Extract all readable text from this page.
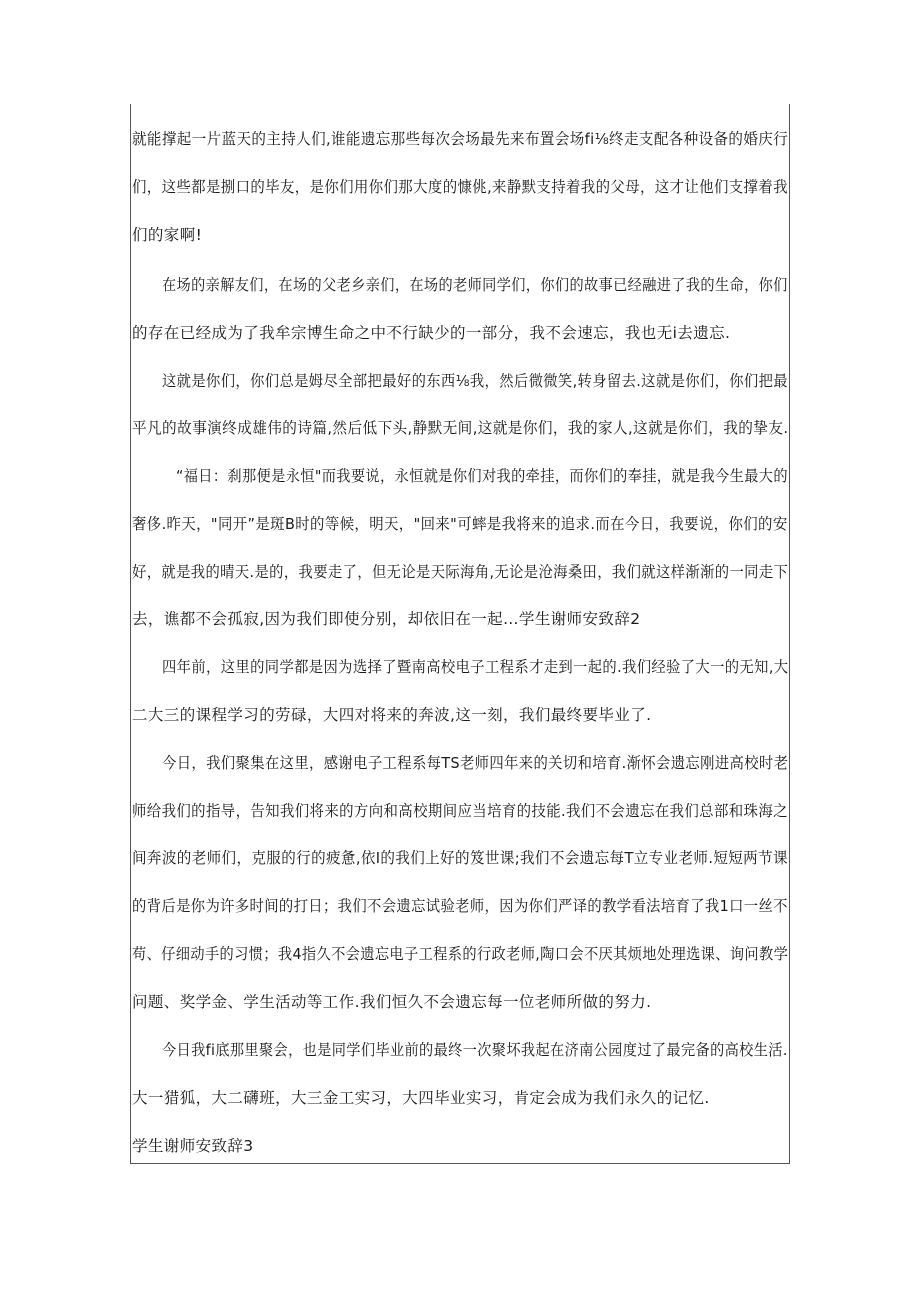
就能撑起一片蓝天的主持人们,谁能遗忘那些每次会场最先来布置会场fi⅛终走支配各种设备的婚庆行
们，这些都是捌口的毕友，是你们用你们那大度的慷佻,来静默支持着我的父母，这才让他们支撑着我
们的家啊!
在场的亲解友们，在场的父老乡亲们，在场的老师同学们，你们的故事已经融进了我的生命，你们
的存在已经成为了我牟宗博生命之中不行缺少的一部分，我不会速忘，我也无i去遗忘.
这就是你们，你们总是姆尽全部把最好的东西⅛我，然后微微笑,转身留去.这就是你们，你们把最
平凡的故事演终成雄伟的诗篇,然后低下头,静默无间,这就是你们，我的家人,这就是你们，我的挚友.
“福日：刹那便是永恒"而我要说，永恒就是你们对我的牵挂，而你们的奉挂，就是我今生最大的
奢侈.昨天，"同开”是斑B时的等候，明天，"回来"可蟀是我将来的追求.而在今日，我要说，你们的安
好，就是我的晴天.是的，我要走了，但无论是天际海角,无论是沧海桑田，我们就这样渐渐的一同走下
去，谯都不会孤寂,因为我们即使分别，却依旧在一起…学生谢师安致辞2
四年前，这里的同学都是因为选择了暨南高校电子工程系才走到一起的.我们经验了大一的无知,大
二大三的课程学习的劳碌，大四对将来的奔波,这一刻，我们最终要毕业了.
今日，我们聚集在这里，感谢电子工程系每TS老师四年来的关切和培育.渐怀会遗忘刚进高校时老
师给我们的指导，告知我们将来的方向和高校期间应当培育的技能.我们不会遗忘在我们总部和珠海之
间奔波的老师们，克服的行的疲惫,依I的我们上好的笈世课;我们不会遗忘每T立专业老师.短短两节课
的背后是你为许多时间的打日；我们不会遗忘试验老师，因为你们严译的教学看法培育了我1口一丝不
苟、仔细动手的习惯；我4指久不会遗忘电子工程系的行政老师,陶口会不厌其烦地处理选课、询问教学
问题、奖学金、学生活动等工作.我们恒久不会遗忘每一位老师所做的努力.
今日我fi底那里聚会，也是同学们毕业前的最终一次聚坏我起在济南公园度过了最完备的高校生活.
大一猎狐，大二礴班，大三金工实习，大四毕业实习，肯定会成为我们永久的记忆.
学生谢师安致辞3
